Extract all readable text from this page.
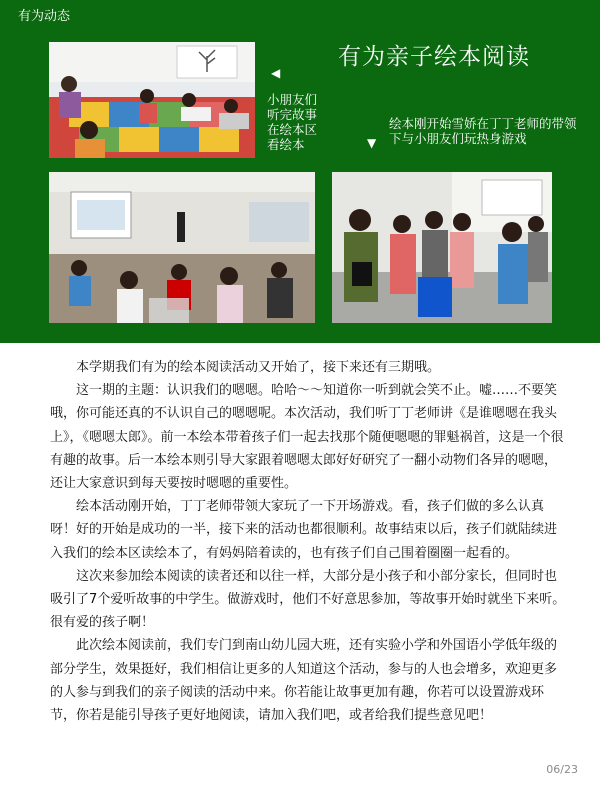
有为动态
有为亲子绘本阅读
◀
小朋友们听完故事在绘本区看绘本	▼
绘本刚开始雪娇在丁丁老师的带领下与小朋友们玩热身游戏

本学期我们有为的绘本阅读活动又开始了，接下来还有三期哦。

这一期的主题：认识我们的嗯嗯。哈哈～～知道你一听到就会笑不止。嘘……不要笑哦，你可能还真的不认识自己的嗯嗯呢。本次活动，我们听丁丁老师讲《是谁嗯嗯在我头上》，《嗯嗯太郎》。前一本绘本带着孩子们一起去找那个随便嗯嗯的罪魁祸首，这是一个很有趣的故事。后一本绘本则引导大家跟着嗯嗯太郎好好研究了一翻小动物们各异的嗯嗯，还让大家意识到每天要按时嗯嗯的重要性。

绘本活动刚开始，丁丁老师带领大家玩了一下开场游戏。看，孩子们做的多么认真呀！好的开始是成功的一半，接下来的活动也都很顺利。故事结束以后，孩子们就陆续进入我们的绘本区读绘本了，有妈妈陪着读的，也有孩子们自己围着圈圈一起看的。

这次来参加绘本阅读的读者还和以往一样，大部分是小孩子和小部分家长，但同时也吸引了7个爱听故事的中学生。做游戏时，他们不好意思参加，等故事开始时就坐下来听。很有爱的孩子啊！

此次绘本阅读前，我们专门到南山幼儿园大班，还有实验小学和外国语小学低年级的部分学生，效果挺好，我们相信让更多的人知道这个活动，参与的人也会增多，欢迎更多的人参与到我们的亲子阅读的活动中来。你若能让故事更加有趣，你若可以设置游戏环节，你若是能引导孩子更好地阅读，请加入我们吧，或者给我们提些意见吧！

06/23
